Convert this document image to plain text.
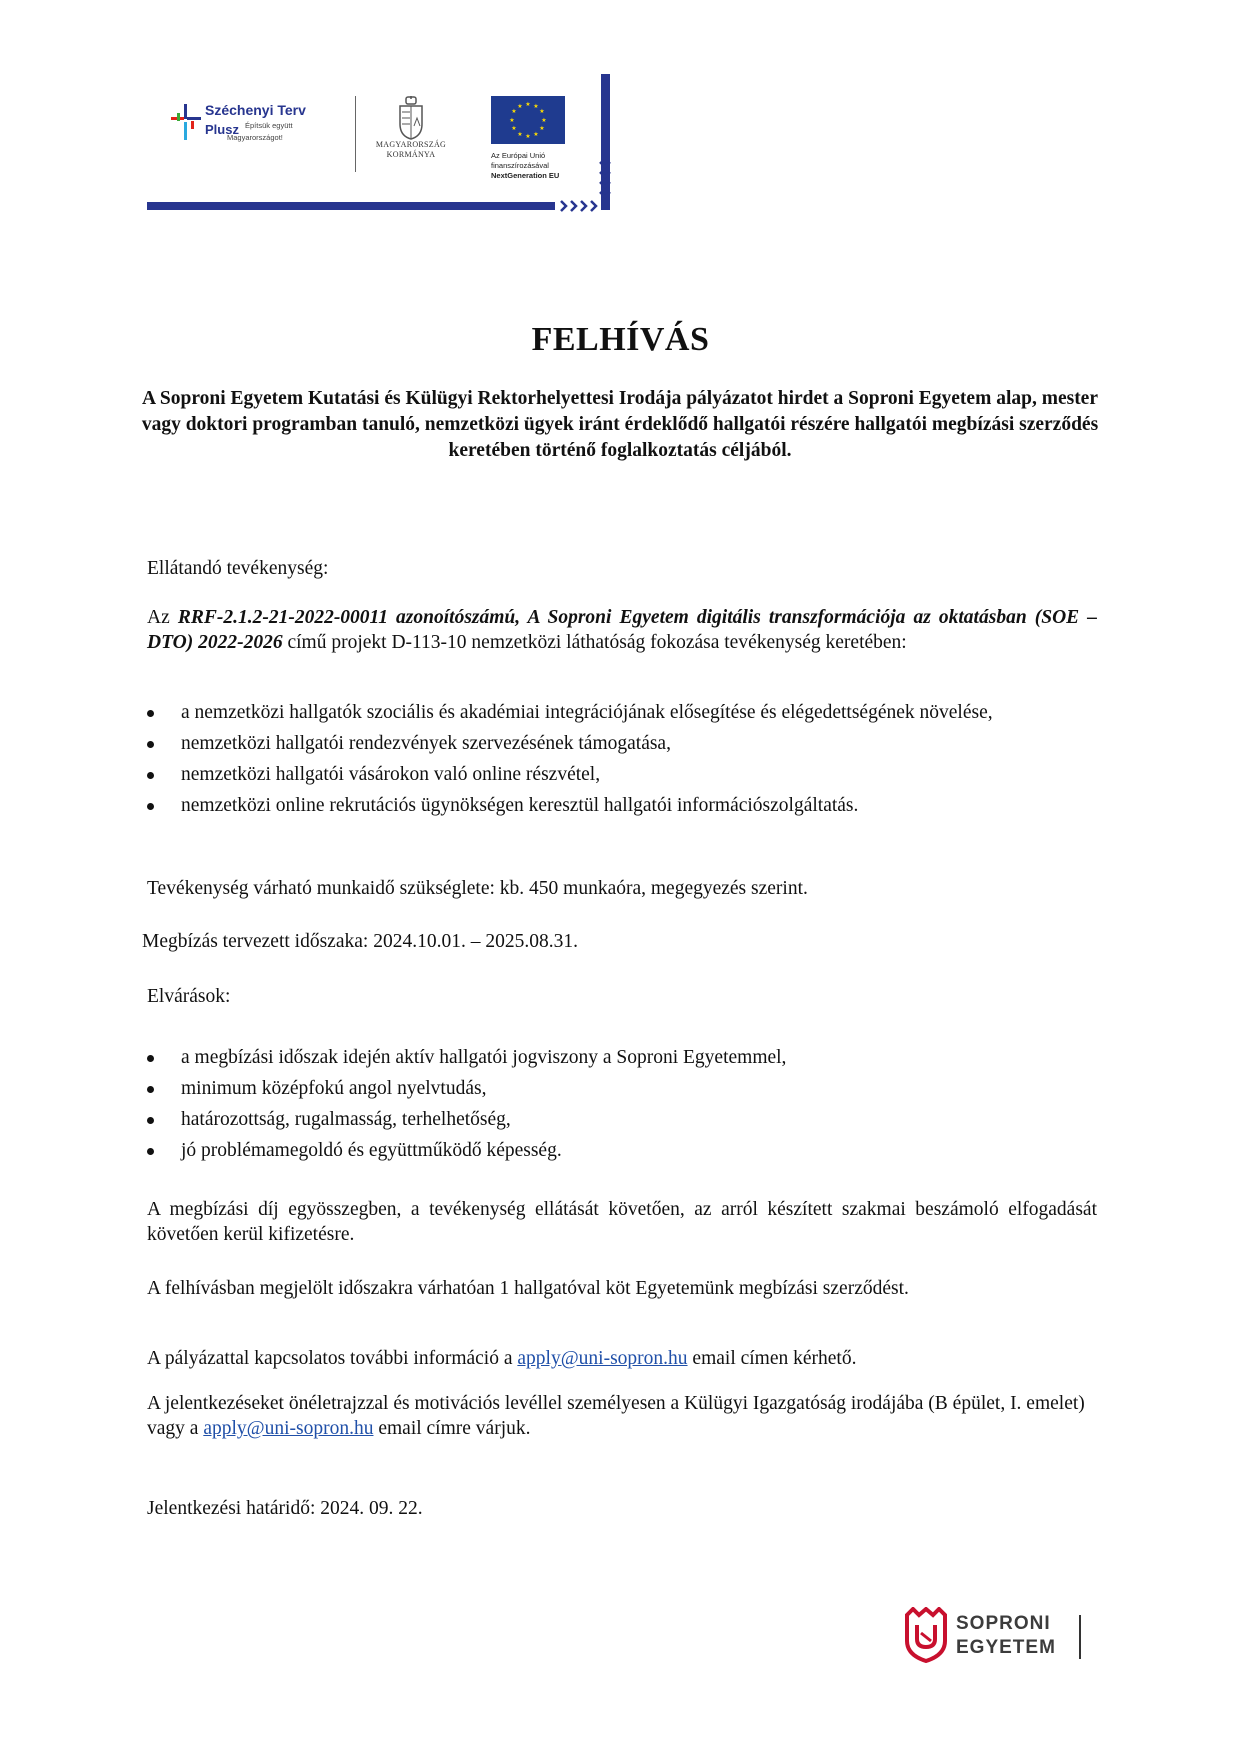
Széchenyi Terv
Plusz Építsük együtt
Magyarországot!
MAGYARORSZÁG
KORMÁNYA
★ ★
★
★
★
★
★
★
★
★
★
★
Az Európai Unió
finanszírozásával
NextGeneration EU
FELHÍVÁS
A Soproni Egyetem Kutatási és Külügyi Rektorhelyettesi Irodája pályázatot hirdet a Soproni Egyetem alap, mester vagy doktori programban tanuló, nemzetközi ügyek iránt érdeklődő hallgatói részére hallgatói megbízási szerződés keretében történő foglalkoztatás céljából.
Ellátandó tevékenység:
Az RRF-2.1.2-21-2022-00011 azonoítószámú, A Soproni Egyetem digitális transzformációja az oktatásban (SOE – DTO) 2022-2026 című projekt D-113-10 nemzetközi láthatóság fokozása tevékenység keretében:
a nemzetközi hallgatók szociális és akadémiai integrációjának elősegítése és elégedettségének növelése,
nemzetközi hallgatói rendezvények szervezésének támogatása,
nemzetközi hallgatói vásárokon való online részvétel,
nemzetközi online rekrutációs ügynökségen keresztül hallgatói információszolgáltatás.
Tevékenység várható munkaidő szükséglete: kb. 450 munkaóra, megegyezés szerint.
Megbízás tervezett időszaka: 2024.10.01. – 2025.08.31.
Elvárások:
a megbízási időszak idején aktív hallgatói jogviszony a Soproni Egyetemmel,
minimum középfokú angol nyelvtudás,
határozottság, rugalmasság, terhelhetőség,
jó problémamegoldó és együttműködő képesség.
A megbízási díj egyösszegben, a tevékenység ellátását követően, az arról készített szakmai beszámoló elfogadását követően kerül kifizetésre.
A felhívásban megjelölt időszakra várhatóan 1 hallgatóval köt Egyetemünk megbízási szerződést.
A pályázattal kapcsolatos további információ a apply@uni-sopron.hu email címen kérhető.
A jelentkezéseket önéletrajzzal és motivációs levéllel személyesen a Külügyi Igazgatóság irodájába (B épület, I. emelet) vagy a apply@uni-sopron.hu email címre várjuk.
Jelentkezési határidő: 2024. 09. 22.
SOPRONI
EGYETEM
